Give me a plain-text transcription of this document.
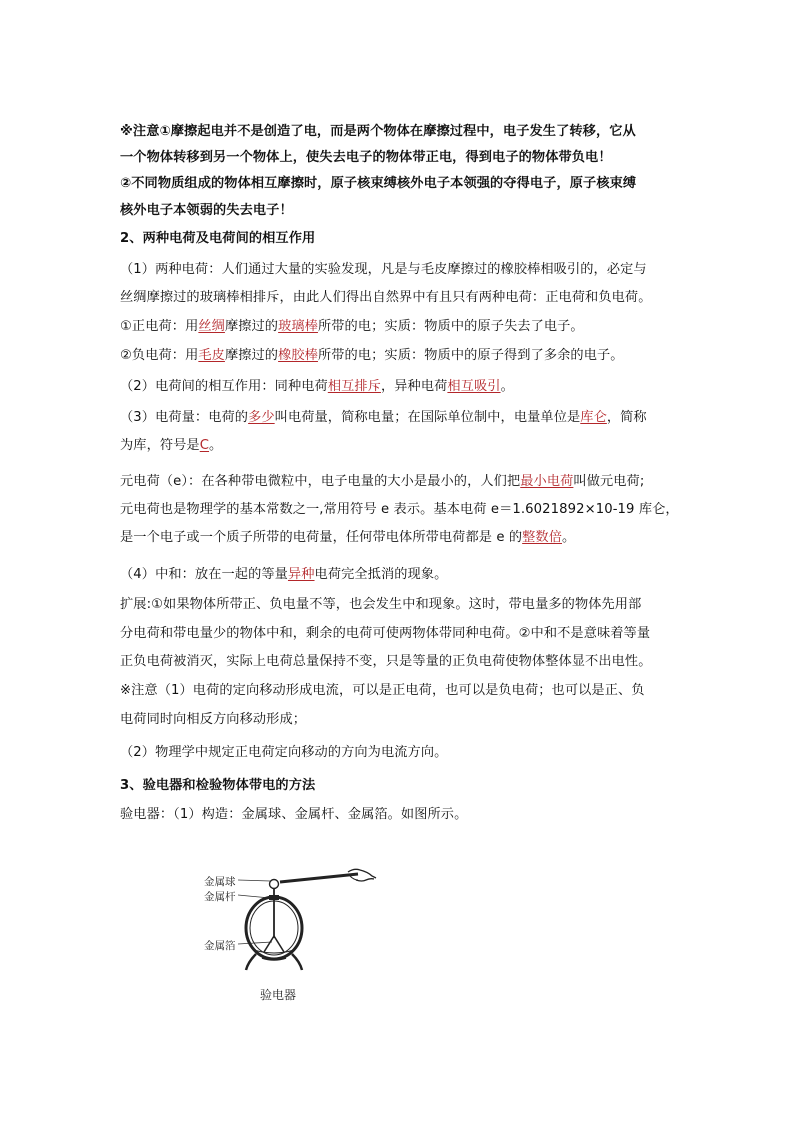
※注意①摩擦起电并不是创造了电，而是两个物体在摩擦过程中，电子发生了转移，它从
一个物体转移到另一个物体上，使失去电子的物体带正电，得到电子的物体带负电！
②不同物质组成的物体相互摩擦时，原子核束缚核外电子本领强的夺得电子，原子核束缚
核外电子本领弱的失去电子！
2、两种电荷及电荷间的相互作用
（1）两种电荷：人们通过大量的实验发现，凡是与毛皮摩擦过的橡胶棒相吸引的，必定与
丝绸摩擦过的玻璃棒相排斥，由此人们得出自然界中有且只有两种电荷：正电荷和负电荷。
①正电荷：用丝绸摩擦过的玻璃棒所带的电；实质：物质中的原子失去了电子。
②负电荷：用毛皮摩擦过的橡胶棒所带的电；实质：物质中的原子得到了多余的电子。
（2）电荷间的相互作用：同种电荷相互排斥，异种电荷相互吸引。
（3）电荷量：电荷的多少叫电荷量，简称电量；在国际单位制中，电量单位是库仑，简称
为库，符号是C。
元电荷（e）：在各种带电微粒中，电子电量的大小是最小的，人们把最小电荷叫做元电荷;
元电荷也是物理学的基本常数之一,常用符号 e 表示。基本电荷 e＝1.6021892×10-19 库仑，
是一个电子或一个质子所带的电荷量，任何带电体所带电荷都是 e 的整数倍。
（4）中和：放在一起的等量异种电荷完全抵消的现象。
扩展:①如果物体所带正、负电量不等，也会发生中和现象。这时，带电量多的物体先用部
分电荷和带电量少的物体中和，剩余的电荷可使两物体带同种电荷。②中和不是意味着等量
正负电荷被消灭，实际上电荷总量保持不变，只是等量的正负电荷使物体整体显不出电性。
※注意（1）电荷的定向移动形成电流，可以是正电荷，也可以是负电荷；也可以是正、负
电荷同时向相反方向移动形成；
（2）物理学中规定正电荷定向移动的方向为电流方向。
3、验电器和检验物体带电的方法
验电器：（1）构造：金属球、金属杆、金属箔。如图所示。
金属球
金属杆
金属箔
验电器
